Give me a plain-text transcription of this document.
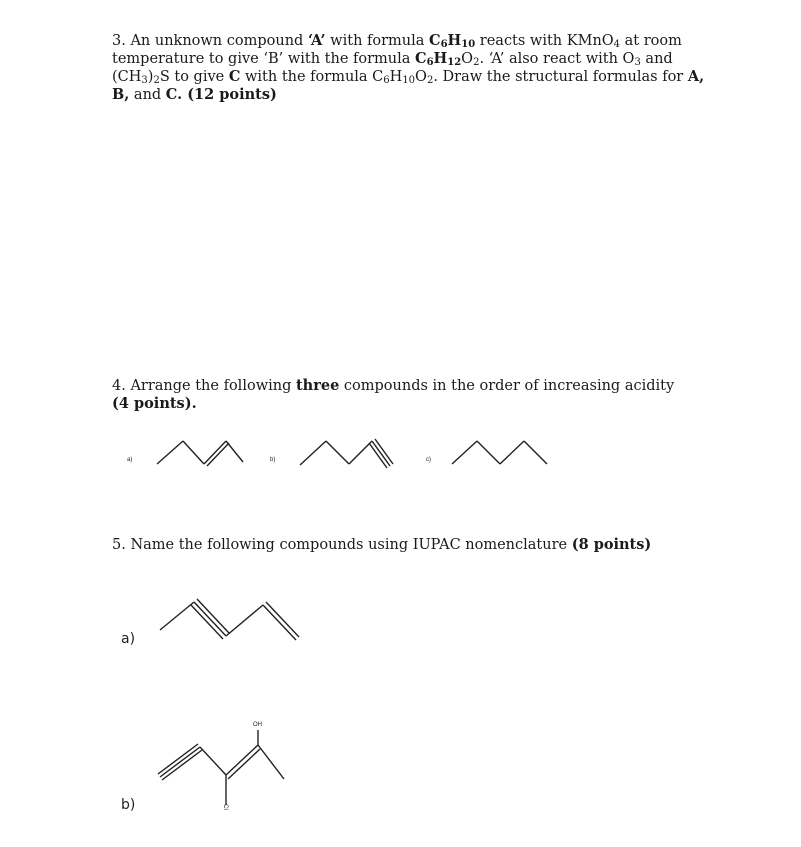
3. An unknown compound ‘A’ with formula $C_6H_{10}$ reacts with KMnO$_4$ at room temperature to give ‘B’ with the formula $C_6H_{12}O_2$. ‘A’ also react with $O_3$ and $(CH_3)_2S$ to give C with the formula $C_6H_{10}O_2$. Draw the structural formulas for A, B, and C. (12 points)
4. Arrange the following three compounds in the order of increasing acidity
(4 points).
a)	b)	c)
5. Name the following compounds using IUPAC nomenclature (8 points)
a)
b)
OH
Cl
